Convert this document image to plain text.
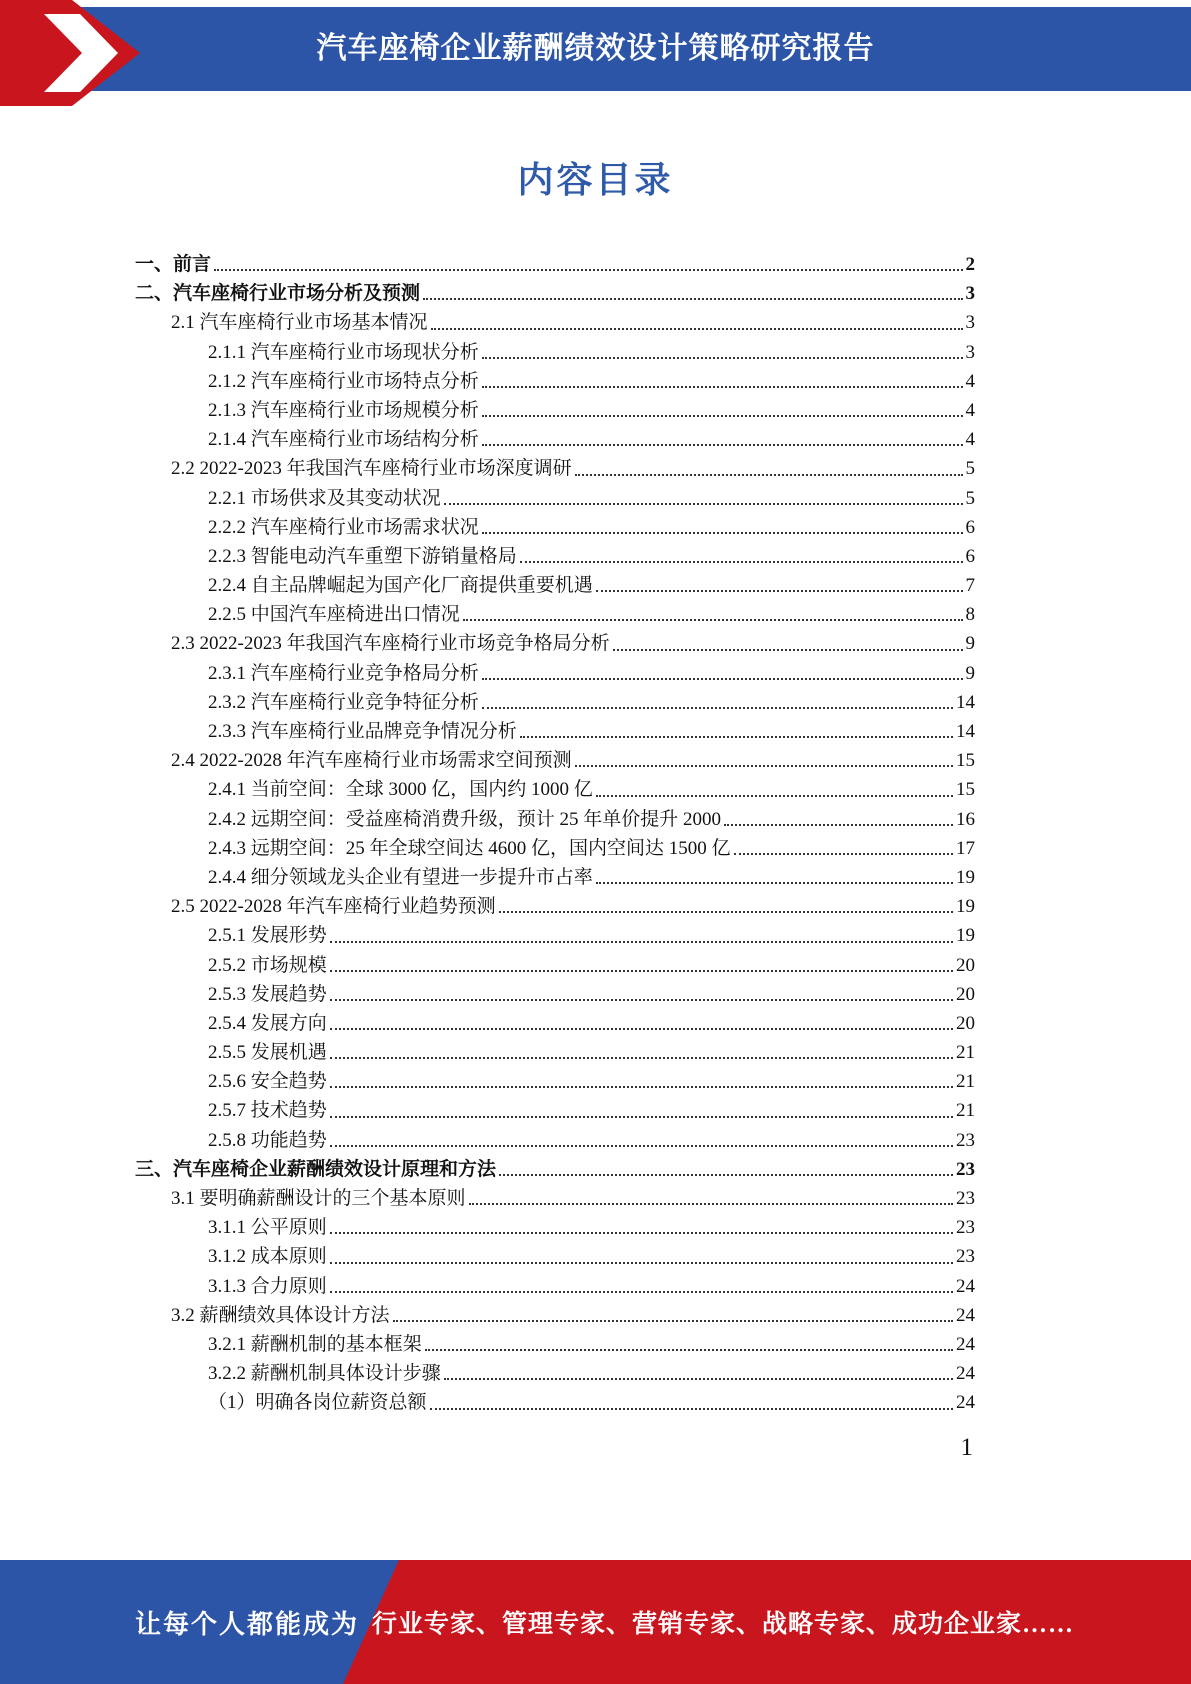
汽车座椅企业薪酬绩效设计策略研究报告
内容目录
一、前言	2
二、汽车座椅行业市场分析及预测	3
2.1 汽车座椅行业市场基本情况	3
2.1.1 汽车座椅行业市场现状分析	3
2.1.2 汽车座椅行业市场特点分析	4
2.1.3 汽车座椅行业市场规模分析	4
2.1.4 汽车座椅行业市场结构分析	4
2.2 2022-2023 年我国汽车座椅行业市场深度调研	5
2.2.1 市场供求及其变动状况	5
2.2.2 汽车座椅行业市场需求状况	6
2.2.3 智能电动汽车重塑下游销量格局	6
2.2.4 自主品牌崛起为国产化厂商提供重要机遇	7
2.2.5 中国汽车座椅进出口情况	8
2.3 2022-2023 年我国汽车座椅行业市场竞争格局分析	9
2.3.1 汽车座椅行业竞争格局分析	9
2.3.2 汽车座椅行业竞争特征分析	14
2.3.3 汽车座椅行业品牌竞争情况分析	14
2.4 2022-2028 年汽车座椅行业市场需求空间预测	15
2.4.1 当前空间：全球 3000 亿，国内约 1000 亿	15
2.4.2 远期空间：受益座椅消费升级，预计 25 年单价提升 2000	16
2.4.3 远期空间：25 年全球空间达 4600 亿，国内空间达 1500 亿	17
2.4.4 细分领域龙头企业有望进一步提升市占率	19
2.5 2022-2028 年汽车座椅行业趋势预测	19
2.5.1 发展形势	19
2.5.2 市场规模	20
2.5.3 发展趋势	20
2.5.4 发展方向	20
2.5.5 发展机遇	21
2.5.6 安全趋势	21
2.5.7 技术趋势	21
2.5.8 功能趋势	23
三、汽车座椅企业薪酬绩效设计原理和方法	23
3.1 要明确薪酬设计的三个基本原则	23
3.1.1 公平原则	23
3.1.2 成本原则	23
3.1.3 合力原则	24
3.2 薪酬绩效具体设计方法	24
3.2.1 薪酬机制的基本框架	24
3.2.2 薪酬机制具体设计步骤	24
（1）明确各岗位薪资总额	24
1
让每个人都能成为 行业专家、管理专家、营销专家、战略专家、成功企业家……
